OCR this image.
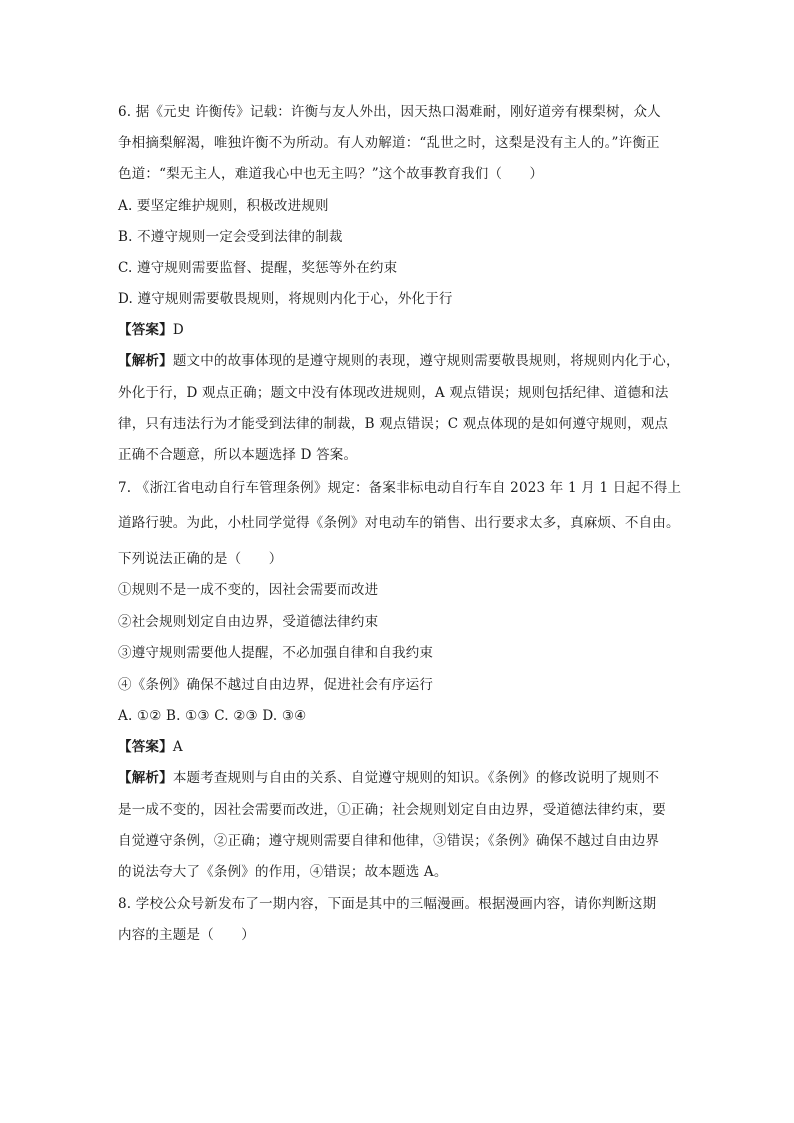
6. 据《元史 许衡传》记载：许衡与友人外出，因天热口渴难耐，刚好道旁有棵梨树，众人
争相摘梨解渴，唯独许衡不为所动。有人劝解道：“乱世之时，这梨是没有主人的。”许衡正
色道：“梨无主人，难道我心中也无主吗？”这个故事教育我们（　　）
A. 要坚定维护规则，积极改进规则
B. 不遵守规则一定会受到法律的制裁
C. 遵守规则需要监督、提醒，奖惩等外在约束
D. 遵守规则需要敬畏规则，将规则内化于心，外化于行
【答案】D
【解析】题文中的故事体现的是遵守规则的表现，遵守规则需要敬畏规则，将规则内化于心，
外化于行，D 观点正确；题文中没有体现改进规则，A 观点错误；规则包括纪律、道德和法
律，只有违法行为才能受到法律的制裁，B 观点错误；C 观点体现的是如何遵守规则，观点
正确不合题意，所以本题选择 D 答案。
7. 《浙江省电动自行车管理条例》规定：备案非标电动自行车自 2023 年 1 月 1 日起不得上
道路行驶。为此，小杜同学觉得《条例》对电动车的销售、出行要求太多，真麻烦、不自由。
下列说法正确的是（　　）
①规则不是一成不变的，因社会需要而改进
②社会规则划定自由边界，受道德法律约束
③遵守规则需要他人提醒，不必加强自律和自我约束
④《条例》确保不越过自由边界，促进社会有序运行
A. ①② B. ①③ C. ②③ D. ③④
【答案】A
【解析】本题考查规则与自由的关系、自觉遵守规则的知识。《条例》的修改说明了规则不
是一成不变的，因社会需要而改进，①正确；社会规则划定自由边界，受道德法律约束，要
自觉遵守条例，②正确；遵守规则需要自律和他律，③错误；《条例》确保不越过自由边界
的说法夸大了《条例》的作用，④错误；故本题选 A。
8. 学校公众号新发布了一期内容，下面是其中的三幅漫画。根据漫画内容，请你判断这期
内容的主题是（　　）
